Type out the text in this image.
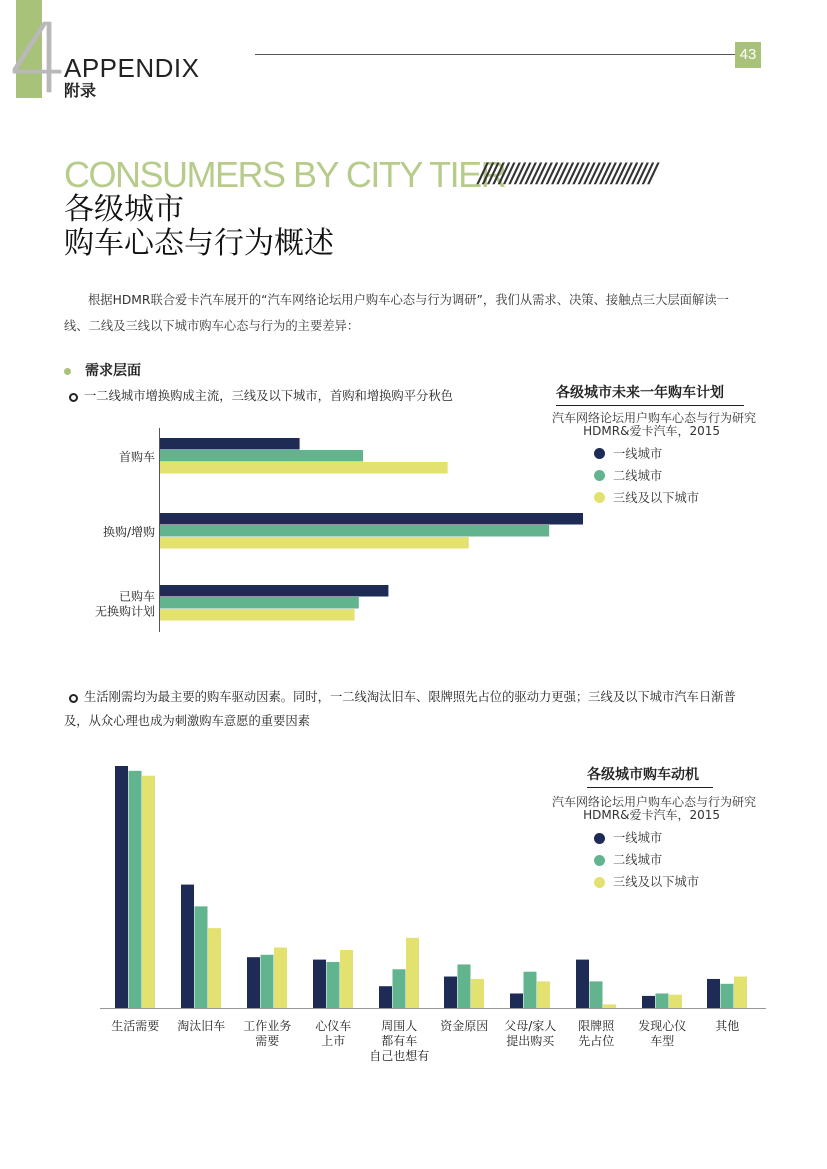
4
APPENDIX
附录
43
CONSUMERS BY CITY TIER
/////////////////////////////////
各级城市
购车心态与行为概述
根据HDMR联合爱卡汽车展开的“汽车网络论坛用户购车心态与行为调研”，我们从需求、决策、接触点三大层面解读一
线、二线及三线以下城市购车心态与行为的主要差异：
需求层面
一二线城市增换购成主流，三线及以下城市，首购和增换购平分秋色	各级城市未来一年购车计划
汽车网络论坛用户购车心态与行为研究
HDMR&爱卡汽车，2015
一线城市
二线城市
三线及以下城市
首购车
换购/增购
已购车
无换购计划
生活需要 淘汰旧车 工作业务
需要
心仪车
上市
周围人
都有车
自己也想有
资金原因 父母/家人
提出购买
限牌照
先占位
发现心仪
车型
其他
生活刚需均为最主要的购车驱动因素。同时，一二线淘汰旧车、限牌照先占位的驱动力更强；三线及以下城市汽车日渐普
及，从众心理也成为刺激购车意愿的重要因素
各级城市购车动机
汽车网络论坛用户购车心态与行为研究
HDMR&爱卡汽车，2015
一线城市
二线城市
三线及以下城市
